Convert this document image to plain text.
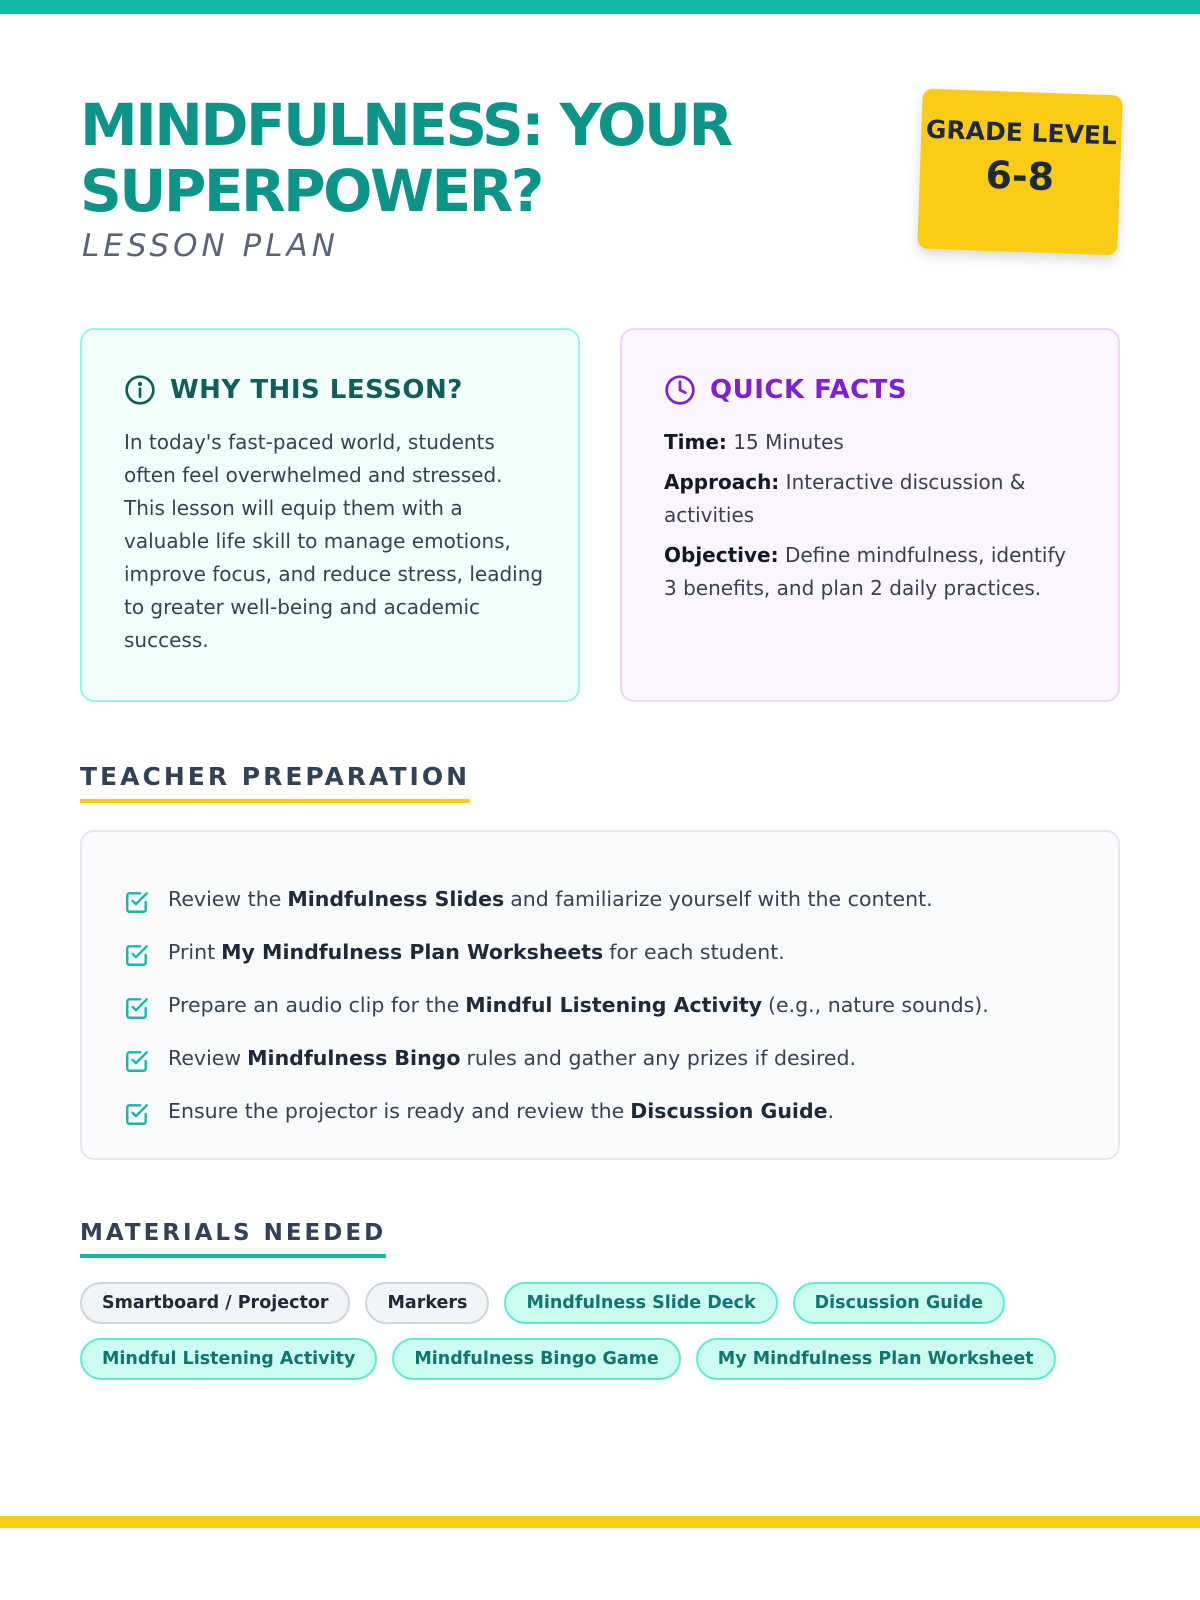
MINDFULNESS: YOUR SUPERPOWER?
LESSON PLAN
GRADE LEVEL
6-8
WHY THIS LESSON?

In today's fast-paced world, students often feel overwhelmed and stressed. This lesson will equip them with a valuable life skill to manage emotions, improve focus, and reduce stress, leading to greater well-being and academic success.

QUICK FACTS
Time: 15 Minutes
Approach: Interactive discussion & activities
Objective: Define mindfulness, identify 3 benefits, and plan 2 daily practices.
TEACHER PREPARATION
Review the Mindfulness Slides and familiarize yourself with the content.
Print My Mindfulness Plan Worksheets for each student.
Prepare an audio clip for the Mindful Listening Activity (e.g., nature sounds).
Review Mindfulness Bingo rules and gather any prizes if desired.
Ensure the projector is ready and review the Discussion Guide .
MATERIALS NEEDED
Smartboard / Projector	Markers	Mindfulness Slide Deck	Discussion Guide
Mindful Listening Activity	Mindfulness Bingo Game	My Mindfulness Plan Worksheet
